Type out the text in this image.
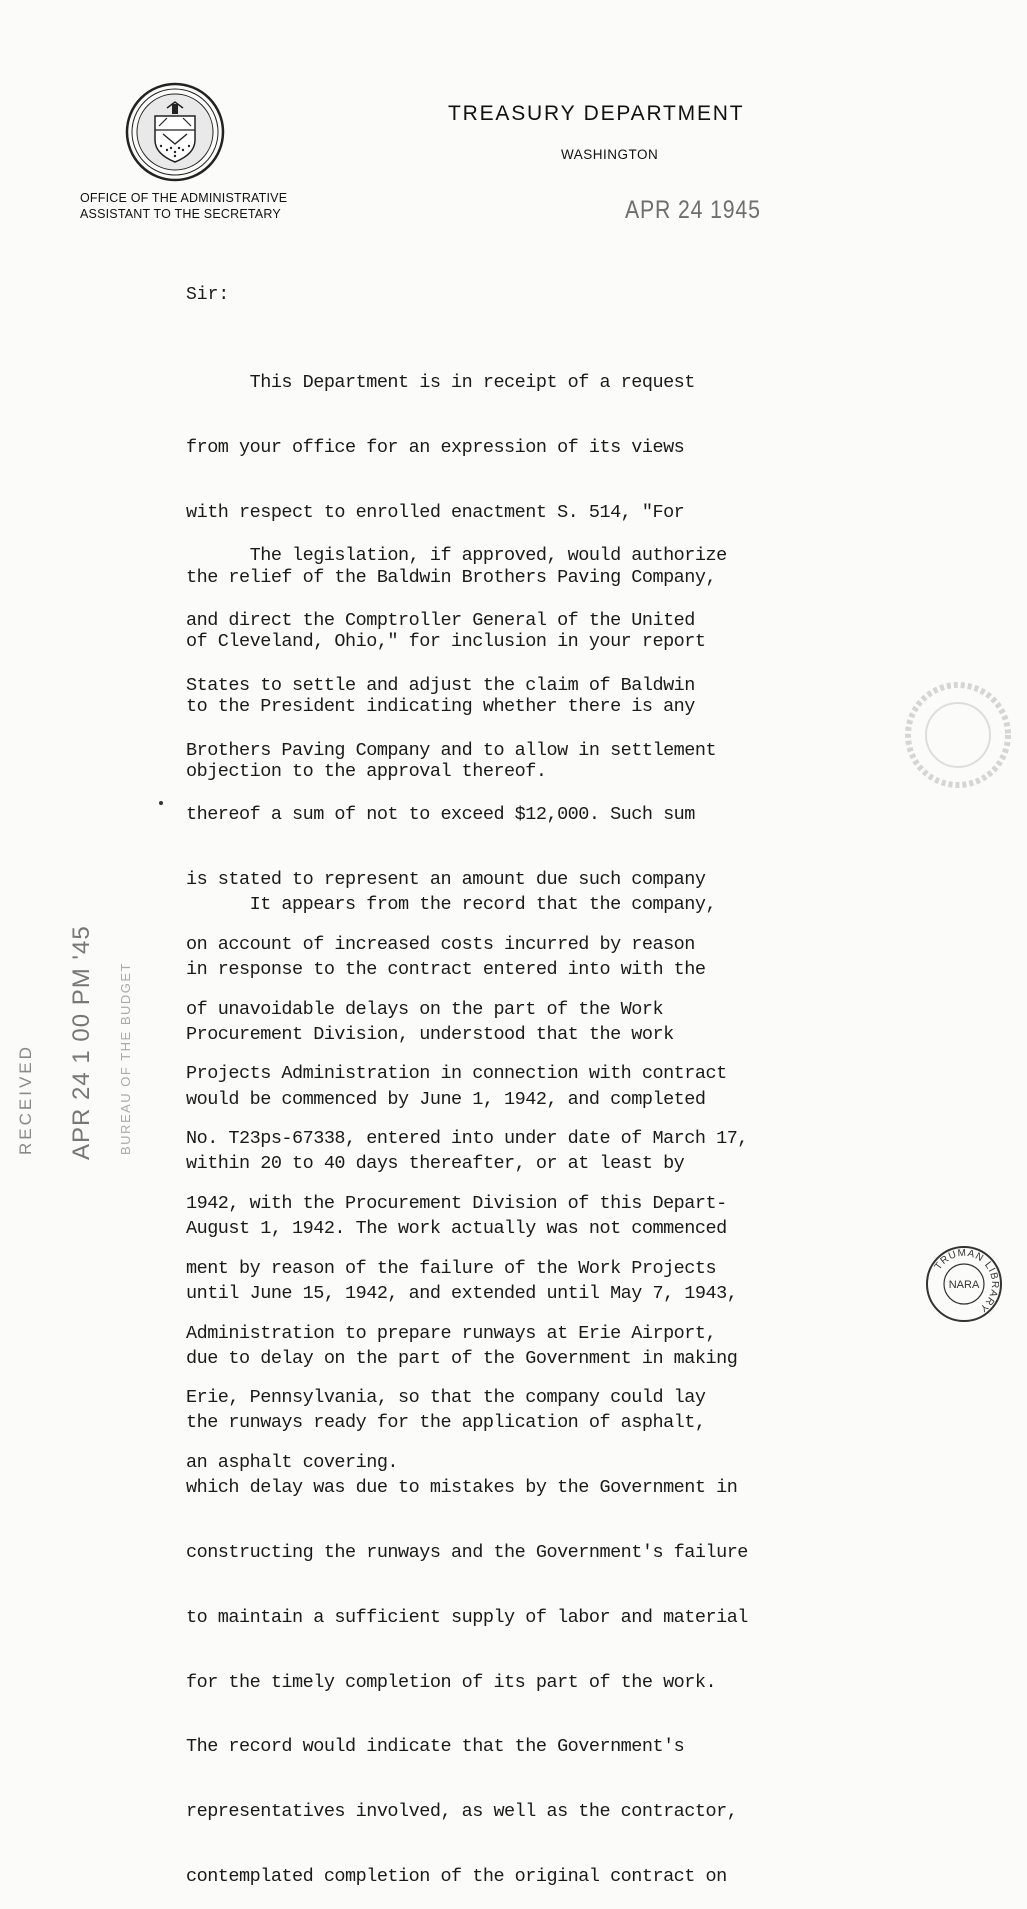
OFFICE OF THE ADMINISTRATIVE
ASSISTANT TO THE SECRETARY
TREASURY DEPARTMENT
WASHINGTON
APR 24 1945
Sir:

This Department is in receipt of a request

from your office for an expression of its views

with respect to enrolled enactment S. 514, "For

the relief of the Baldwin Brothers Paving Company,

of Cleveland, Ohio," for inclusion in your report

to the President indicating whether there is any

objection to the approval thereof.

The legislation, if approved, would authorize

and direct the Comptroller General of the United

States to settle and adjust the claim of Baldwin

Brothers Paving Company and to allow in settlement

thereof a sum of not to exceed $12,000. Such sum

is stated to represent an amount due such company

on account of increased costs incurred by reason

of unavoidable delays on the part of the Work

Projects Administration in connection with contract

No. T23ps-67338, entered into under date of March 17,

1942, with the Procurement Division of this Depart-

ment by reason of the failure of the Work Projects

Administration to prepare runways at Erie Airport,

Erie, Pennsylvania, so that the company could lay

an asphalt covering.

It appears from the record that the company,

in response to the contract entered into with the

Procurement Division, understood that the work

would be commenced by June 1, 1942, and completed

within 20 to 40 days thereafter, or at least by

August 1, 1942. The work actually was not commenced

until June 15, 1942, and extended until May 7, 1943,

due to delay on the part of the Government in making

the runways ready for the application of asphalt,

which delay was due to mistakes by the Government in

constructing the runways and the Government's failure

to maintain a sufficient supply of labor and material

for the timely completion of its part of the work.

The record would indicate that the Government's

representatives involved, as well as the contractor,

contemplated completion of the original contract on

RECEIVED APR 24 1 00 PM '45 BUREAU OF THE BUDGET
TRUMAN LIBRARY
NARA
